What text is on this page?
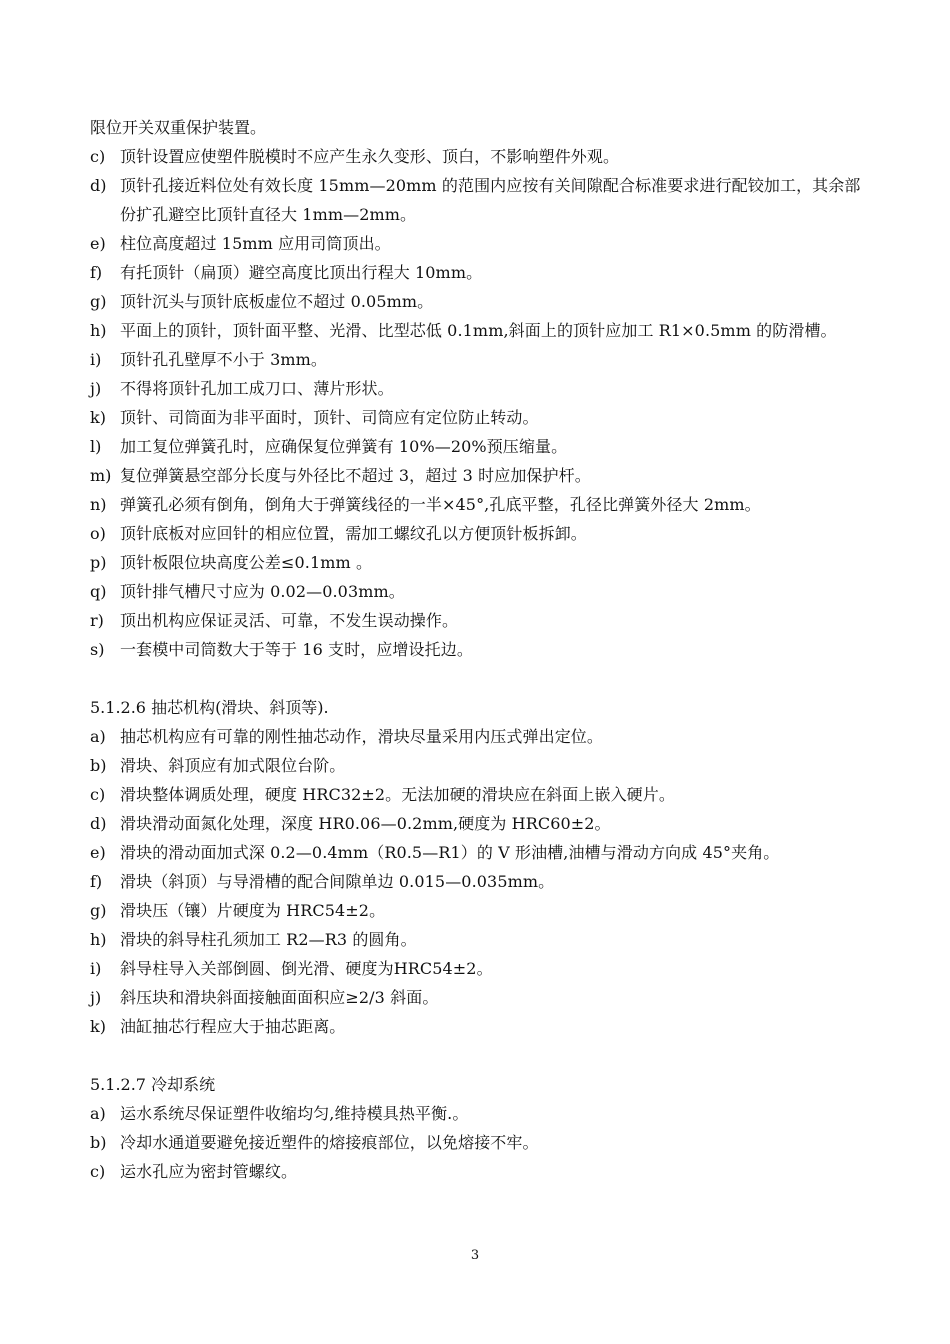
限位开关双重保护装置。
c) 顶针设置应使塑件脱模时不应产生永久变形、顶白，不影响塑件外观。
d) 顶针孔接近料位处有效长度 15mm—20mm 的范围内应按有关间隙配合标准要求进行配铰加工，其余部份扩孔避空比顶针直径大 1mm—2mm。
e) 柱位高度超过 15mm 应用司筒顶出。
f)	有托顶针（扁顶）避空高度比顶出行程大 10mm。
g) 顶针沉头与顶针底板虚位不超过 0.05mm。
h) 平面上的顶针，顶针面平整、光滑、比型芯低 0.1mm,斜面上的顶针应加工 R1×0.5mm 的防滑槽。
i)	顶针孔孔壁厚不小于 3mm。
j)	不得将顶针孔加工成刀口、薄片形状。
k) 顶针、司筒面为非平面时，顶针、司筒应有定位防止转动。
l)	加工复位弹簧孔时，应确保复位弹簧有 10%—20%预压缩量。
m) 复位弹簧悬空部分长度与外径比不超过 3，超过 3 时应加保护杆。
n) 弹簧孔必须有倒角，倒角大于弹簧线径的一半×45°,孔底平整，孔径比弹簧外径大 2mm。
o) 顶针底板对应回针的相应位置，需加工螺纹孔以方便顶针板拆卸。
p) 顶针板限位块高度公差≤0.1mm 。
q) 顶针排气槽尺寸应为 0.02—0.03mm。
r)	顶出机构应保证灵活、可靠，不发生误动操作。
s) 一套模中司筒数大于等于 16 支时，应增设托边。
5.1.2.6 抽芯机构(滑块、斜顶等).
a) 抽芯机构应有可靠的刚性抽芯动作，滑块尽量采用内压式弹出定位。
b) 滑块、斜顶应有加式限位台阶。
c) 滑块整体调质处理，硬度 HRC32±2。无法加硬的滑块应在斜面上嵌入硬片。
d) 滑块滑动面氮化处理，深度 HR0.06—0.2mm,硬度为 HRC60±2。
e) 滑块的滑动面加式深 0.2—0.4mm（R0.5—R1）的 V 形油槽,油槽与滑动方向成 45°夹角。
f)	滑块（斜顶）与导滑槽的配合间隙单边 0.015—0.035mm。
g) 滑块压（镶）片硬度为 HRC54±2。
h) 滑块的斜导柱孔须加工 R2—R3 的圆角。
i)	斜导柱导入关部倒圆、倒光滑、硬度为HRC54±2。
j)	斜压块和滑块斜面接触面面积应≥2/3 斜面。
k) 油缸抽芯行程应大于抽芯距离。
5.1.2.7 冷却系统
a) 运水系统尽保证塑件收缩均匀,维持模具热平衡.。
b) 冷却水通道要避免接近塑件的熔接痕部位，以免熔接不牢。
c) 运水孔应为密封管螺纹。
3
